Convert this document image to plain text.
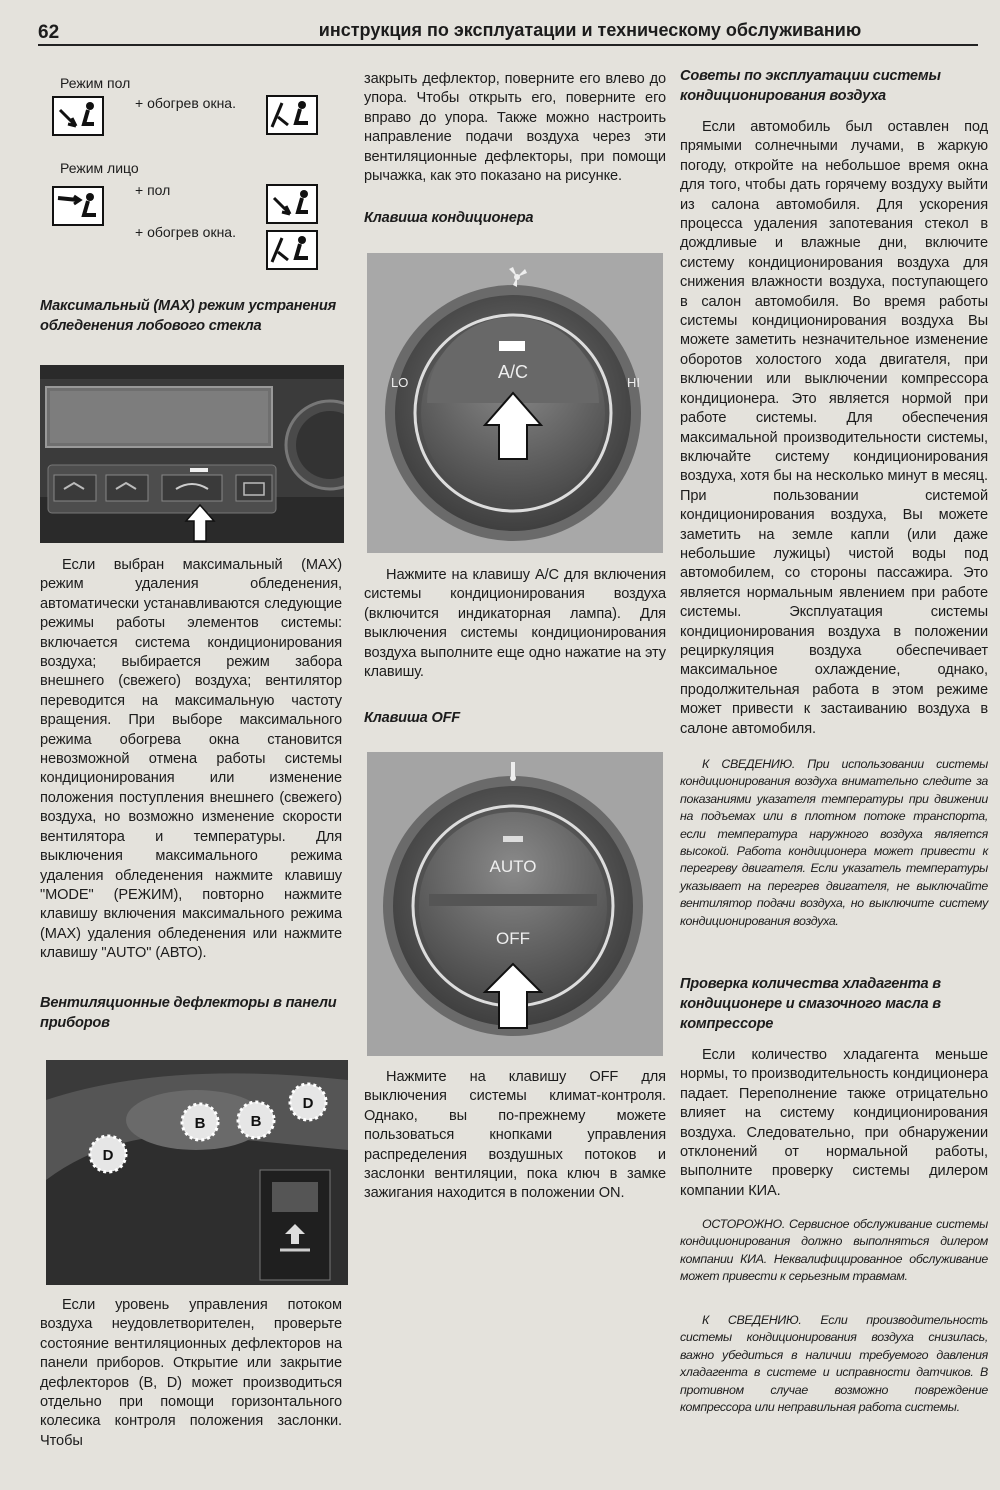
62	инструкция по эксплуатации и техническому обслуживанию
Режим пол
+ обогрев окна.
Режим лицо
+ пол
+ обогрев окна.
Максимальный (MAX) режим устранения обледенения лобового стекла

Если выбран максимальный (MAX) режим удаления обледенения, автоматически устанавливаются следующие режимы работы элементов системы: включается система кондиционирования воздуха; выбирается режим забора внешнего (свежего) воздуха; вентилятор переводится на максимальную частоту вращения. При выборе максимального режима обогрева окна становится невозможной отмена работы системы кондиционирования или изменение положения поступления внешнего (свежего) воздуха, но возможно изменение скорости вентилятора и температуры. Для выключения максимального режима удаления обледенения нажмите клавишу "MODE" (РЕЖИМ), повторно нажмите клавишу включения максимального режима (MAX) удаления обледенения или нажмите клавишу "AUTO" (АВТО).

Вентиляционные дефлекторы в панели приборов
D
B	B
D

Если уровень управления потоком воздуха неудовлетворителен, проверьте состояние вентиляционных дефлекторов на панели приборов. Открытие или закрытие дефлекторов (B, D) может производиться отдельно при помощи горизонтального колесика контроля положения заслонки. Чтобы

закрыть дефлектор, поверните его влево до упора. Чтобы открыть его, поверните его вправо до упора. Также можно настроить направление подачи воздуха через эти вентиляционные дефлекторы, при помощи рычажка, как это показано на рисунке.

Клавиша кондиционера
A/C
LO	HI

Нажмите на клавишу A/C для включения системы кондиционирования воздуха (включится индикаторная лампа). Для выключения системы кондиционирования воздуха выполните еще одно нажатие на эту клавишу.

Клавиша OFF
AUTO
OFF

Нажмите на клавишу OFF для выключения системы климат-контроля. Однако, вы по-прежнему можете пользоваться кнопками управления распределения воздушных потоков и заслонки вентиляции, пока ключ в замке зажигания находится в положении ON.

Советы по эксплуатации системы кондиционирования воздуха

Если автомобиль был оставлен под прямыми солнечными лучами, в жаркую погоду, откройте на небольшое время окна для того, чтобы дать горячему воздуху выйти из салона автомобиля. Для ускорения процесса удаления запотевания стекол в дождливые и влажные дни, включите систему кондиционирования воздуха для снижения влажности воздуха, поступающего в салон автомобиля. Во время работы системы кондиционирования воздуха Вы можете заметить незначительное изменение оборотов холостого хода двигателя, при включении или выключении компрессора кондиционера. Это является нормой при работе системы. Для обеспечения максимальной производительности системы, включайте систему кондиционирования воздуха, хотя бы на несколько минут в месяц. При пользовании системой кондиционирования воздуха, Вы можете заметить на земле капли (или даже небольшие лужицы) чистой воды под автомобилем, со стороны пассажира. Это является нормальным явлением при работе системы. Эксплуатация системы кондиционирования воздуха в положении рециркуляция воздуха обеспечивает максимальное охлаждение, однако, продолжительная работа в этом режиме может привести к застаиванию воздуха в салоне автомобиля.

К СВЕДЕНИЮ. При использовании системы кондиционирования воздуха внимательно следите за показаниями указателя температуры при движении на подъемах или в плотном потоке транспорта, если температура наружного воздуха является высокой. Работа кондиционера может привести к перегреву двигателя. Если указатель температуры указывает на перегрев двигателя, не выключайте вентилятор подачи воздуха, но выключите систему кондиционирования воздуха.

Проверка количества хладагента в кондиционере и смазочного масла в компрессоре

Если количество хладагента меньше нормы, то производительность кондиционера падает. Переполнение также отрицательно влияет на систему кондиционирования воздуха. Следовательно, при обнаружении отклонений от нормальной работы, выполните проверку системы дилером компании КИА.

ОСТОРОЖНО. Сервисное обслуживание системы кондиционирования должно выполняться дилером компании КИА. Неквалифицированное обслуживание может привести к серьезным травмам.

К СВЕДЕНИЮ. Если производительность системы кондиционирования воздуха снизилась, важно убедиться в наличии требуемого давления хладагента в системе и исправности датчиков. В противном случае возможно повреждение компрессора или неправильная работа системы.
